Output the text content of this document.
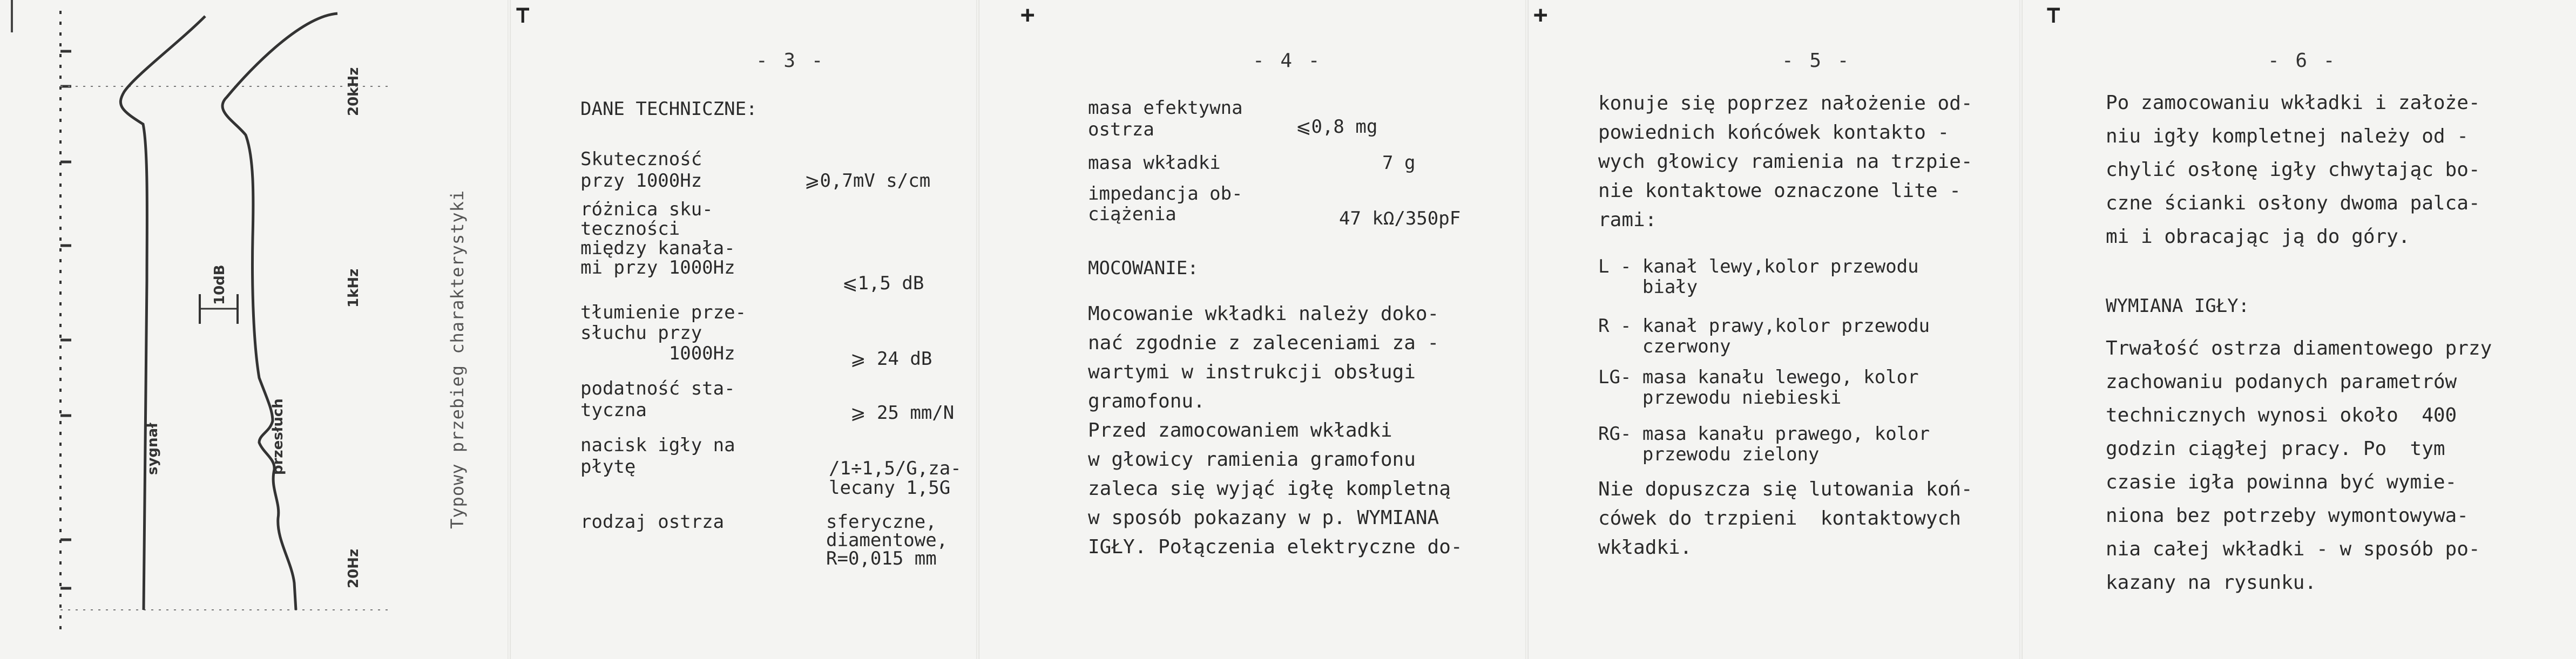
sygnał	przesłuch
10dB
20kHz
1kHz
20Hz
Typowy przebieg charakterystyki
⊤
- 3 -
DANE TECHNICZNE:
Skuteczność
przy 1000Hz	⩾0,7mV s/cm
różnica sku-
teczności
między kanała-
mi przy 1000Hz
⩽1,5 dB
tłumienie prze-
słuchu przy
1000Hz	⩾ 24 dB
podatność sta-
tyczna	⩾ 25 mm/N
nacisk igły na
płytę	/1÷1,5/G,za-
lecany 1,5G
rodzaj ostrza	sferyczne,
diamentowe,
R=0,015 mm
+
- 4 -
masa efektywna
ostrza	⩽0,8 mg
masa wkładki	7 g
impedancja ob-
ciążenia	47 kΩ/350pF
MOCOWANIE:
Mocowanie wkładki należy doko-
nać zgodnie z zaleceniami za -
wartymi w instrukcji obsługi
gramofonu.
Przed zamocowaniem wkładki
w głowicy ramienia gramofonu
zaleca się wyjąć igłę kompletną
w sposób pokazany w p. WYMIANA
IGŁY. Połączenia elektryczne do-
+
- 5 -
konuje się poprzez nałożenie od-
powiednich końcówek kontakto -
wych głowicy ramienia na trzpie-
nie kontaktowe oznaczone lite -
rami:
L - kanał lewy,kolor przewodu
biały
R - kanał prawy,kolor przewodu
czerwony
LG- masa kanału lewego, kolor
przewodu niebieski
RG- masa kanału prawego, kolor
przewodu zielony
Nie dopuszcza się lutowania koń-
cówek do trzpieni  kontaktowych
wkładki.
⊤
- 6 -
Po zamocowaniu wkładki i założe-
niu igły kompletnej należy od -
chylić osłonę igły chwytając bo-
czne ścianki osłony dwoma palca-
mi i obracając ją do góry.
WYMIANA IGŁY:
Trwałość ostrza diamentowego przy
zachowaniu podanych parametrów
technicznych wynosi około  400
godzin ciągłej pracy. Po  tym
czasie igła powinna być wymie-
niona bez potrzeby wymontowywa-
nia całej wkładki - w sposób po-
kazany na rysunku.
